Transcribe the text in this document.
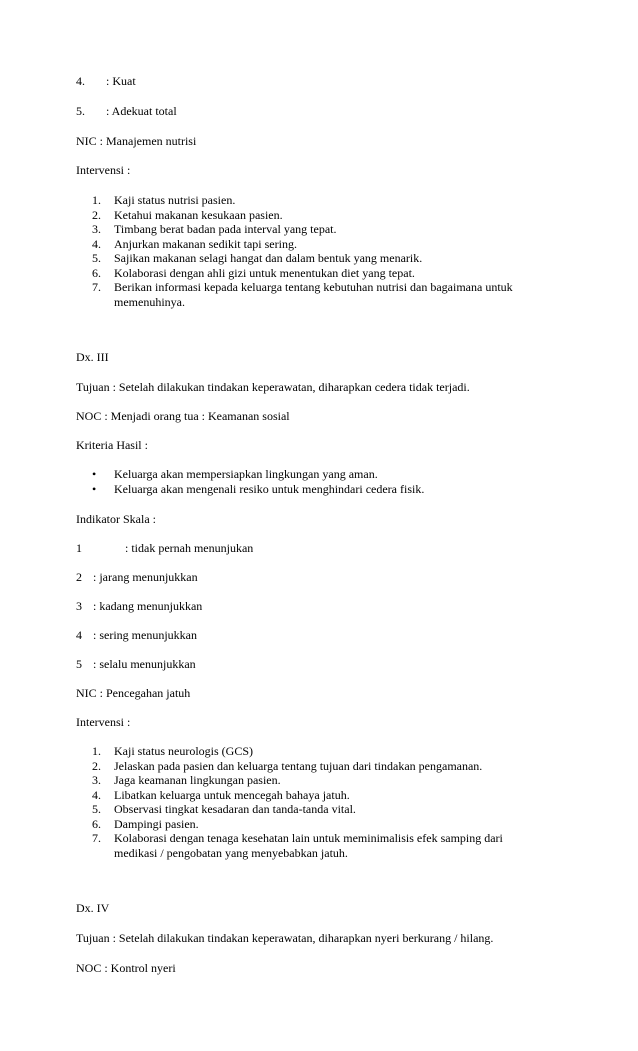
4. : Kuat
5. : Adekuat total
NIC : Manajemen nutrisi
Intervensi :
1.	Kaji status nutrisi pasien.
2.	Ketahui makanan kesukaan pasien.
3.	Timbang berat badan pada interval yang tepat.
4.	Anjurkan makanan sedikit tapi sering.
5.	Sajikan makanan selagi hangat dan dalam bentuk yang menarik.
6.	Kolaborasi dengan ahli gizi untuk menentukan diet yang tepat.
7.	Berikan informasi kepada keluarga tentang kebutuhan nutrisi dan bagaimana untuk
memenuhinya.
Dx. III
Tujuan : Setelah dilakukan tindakan keperawatan, diharapkan cedera tidak terjadi.
NOC : Menjadi orang tua : Keamanan sosial
Kriteria Hasil :
• Keluarga akan mempersiapkan lingkungan yang aman.
• Keluarga akan mengenali resiko untuk menghindari cedera fisik.
Indikator Skala :
1	: tidak pernah menunjukan
2 : jarang menunjukkan
3 : kadang menunjukkan
4 : sering menunjukkan
5 : selalu menunjukkan
NIC : Pencegahan jatuh
Intervensi :
1.	Kaji status neurologis (GCS)
2.	Jelaskan pada pasien dan keluarga tentang tujuan dari tindakan pengamanan.
3.	Jaga keamanan lingkungan pasien.
4.	Libatkan keluarga untuk mencegah bahaya jatuh.
5.	Observasi tingkat kesadaran dan tanda-tanda vital.
6.	Dampingi pasien.
7.	Kolaborasi dengan tenaga kesehatan lain untuk meminimalisis efek samping dari
medikasi / pengobatan yang menyebabkan jatuh.
Dx. IV
Tujuan : Setelah dilakukan tindakan keperawatan, diharapkan nyeri berkurang / hilang.
NOC : Kontrol nyeri
